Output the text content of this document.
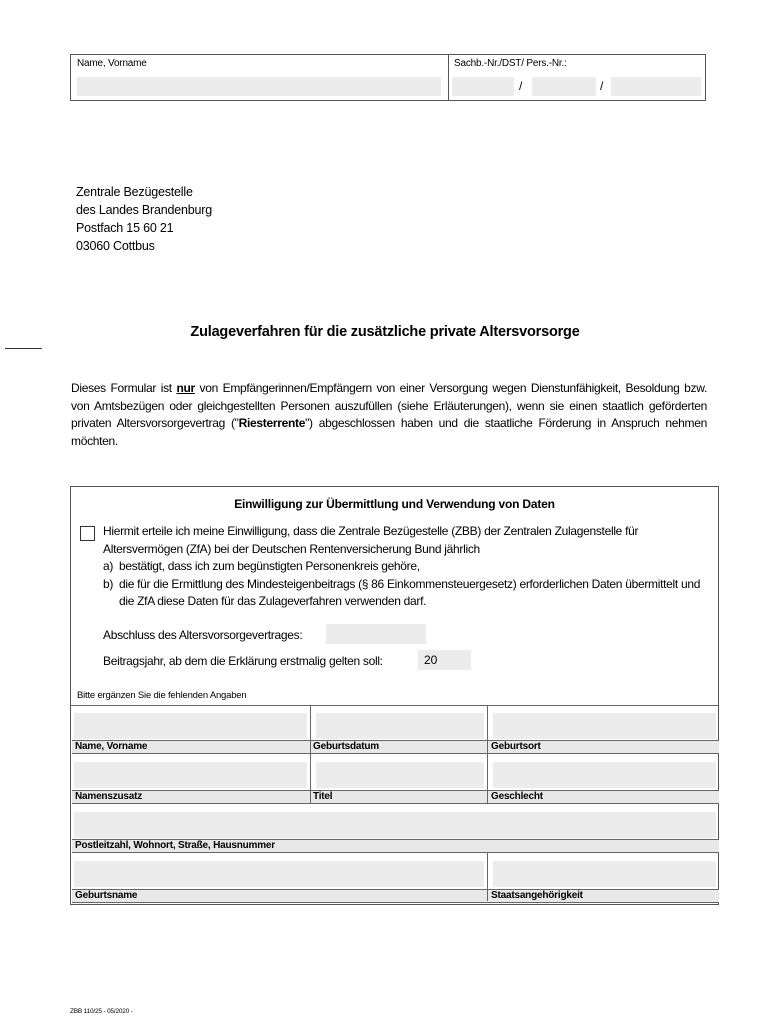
Name, Vorname	Sachb.-Nr./DST/ Pers.-Nr.:
/	/
Zentrale Bezügestelle
des Landes Brandenburg
Postfach 15 60 21
03060 Cottbus
Zulageverfahren für die zusätzliche private Altersvorsorge
Dieses Formular ist nur von Empfängerinnen/Empfängern von einer Versorgung wegen Dienstunfähigkeit, Besoldung bzw. von Amtsbezügen oder gleichgestellten Personen auszufüllen (siehe Erläuterungen), wenn sie einen staatlich geförderten privaten Altersvorsorgevertrag ("Riesterrente") abgeschlossen haben und die staatliche Förderung in Anspruch nehmen möchten.
Einwilligung zur Übermittlung und Verwendung von Daten
Hiermit erteile ich meine Einwilligung, dass die Zentrale Bezügestelle (ZBB) der Zentralen Zulagenstelle für Altersvermögen (ZfA) bei der Deutschen Rentenversicherung Bund jährlich
a) bestätigt, dass ich zum begünstigten Personenkreis gehöre,
b) die für die Ermittlung des Mindesteigenbeitrags (§ 86 Einkommensteuergesetz) erforderlichen Daten übermittelt und die ZfA diese Daten für das Zulageverfahren verwenden darf.
Abschluss des Altersvorsorgevertrages:
Beitragsjahr, ab dem die Erklärung erstmalig gelten soll:	20
Bitte ergänzen Sie die fehlenden Angaben
Name, Vorname	Geburtsdatum	Geburtsort
Namenszusatz	Titel	Geschlecht
Postleitzahl, Wohnort, Straße, Hausnummer
Geburtsname	Staatsangehörigkeit
ZBB 110/25 - 05/2020 -
